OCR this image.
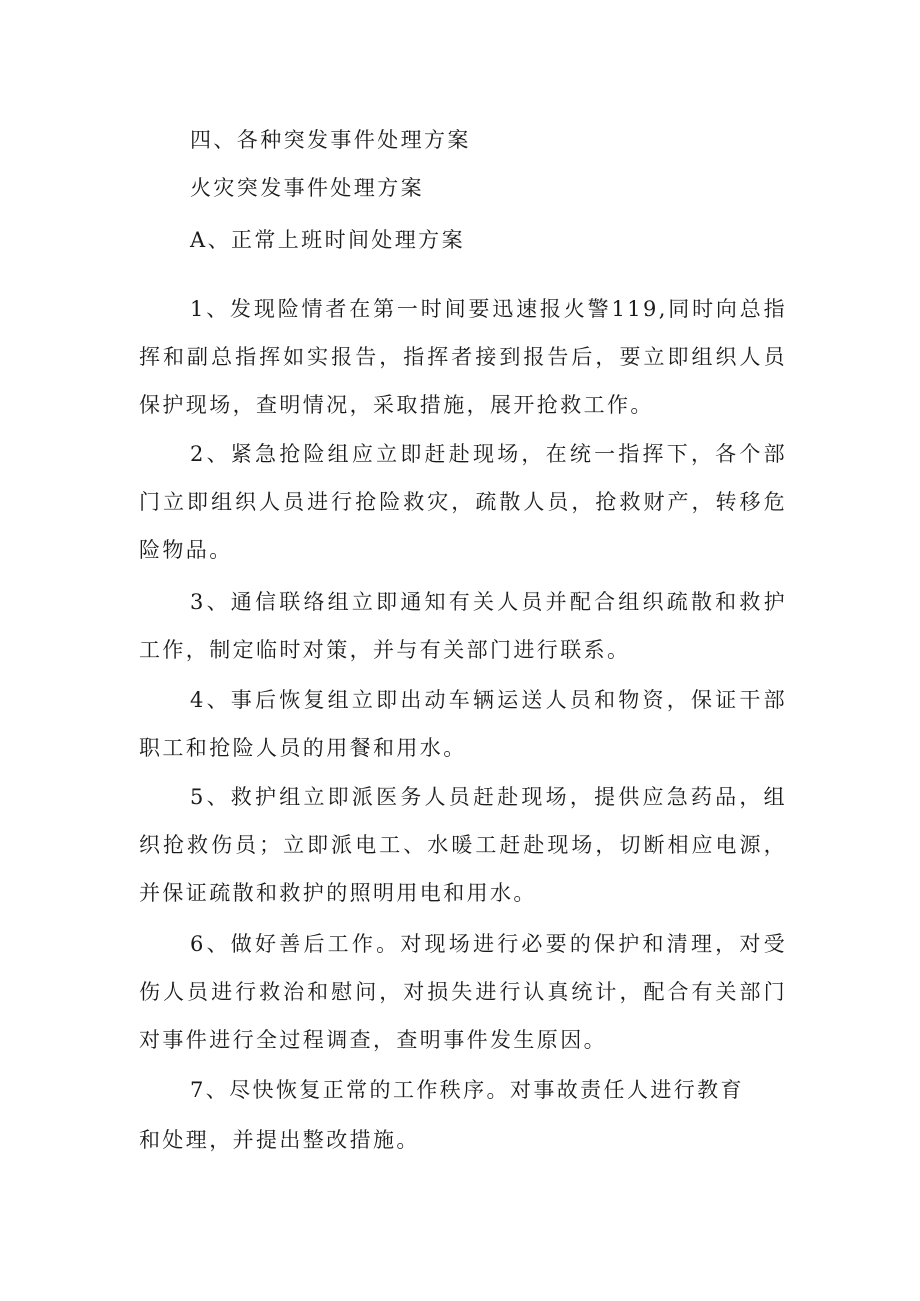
四、各种突发事件处理方案

火灾突发事件处理方案

A、正常上班时间处理方案

1、发现险情者在第一时间要迅速报火警119,同时向总指挥和副总指挥如实报告，指挥者接到报告后，要立即组织人员保护现场，查明情况，采取措施，展开抢救工作。

2、紧急抢险组应立即赶赴现场，在统一指挥下，各个部门立即组织人员进行抢险救灾，疏散人员，抢救财产，转移危险物品。

3、通信联络组立即通知有关人员并配合组织疏散和救护工作，制定临时对策，并与有关部门进行联系。

4、事后恢复组立即出动车辆运送人员和物资，保证干部职工和抢险人员的用餐和用水。

5、救护组立即派医务人员赶赴现场，提供应急药品，组织抢救伤员；立即派电工、水暖工赶赴现场，切断相应电源，并保证疏散和救护的照明用电和用水。

6、做好善后工作。对现场进行必要的保护和清理，对受伤人员进行救治和慰问，对损失进行认真统计，配合有关部门对事件进行全过程调查，查明事件发生原因。

7、尽快恢复正常的工作秩序。对事故责任人进行教育

和处理，并提出整改措施。
